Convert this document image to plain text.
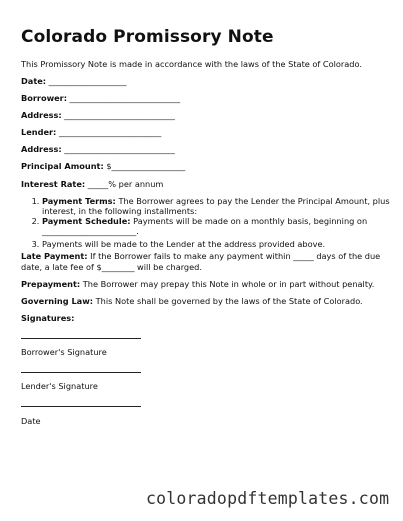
Colorado Promissory Note
This Promissory Note is made in accordance with the laws of the State of Colorado.
Date: ___________________
Borrower: ___________________________
Address: ___________________________
Lender: _________________________
Address: ___________________________
Principal Amount: $__________________
Interest Rate: _____% per annum
1. Payment Terms: The Borrower agrees to pay the Lender the Principal Amount, plus interest, in the following installments:
2. Payment Schedule: Payments will be made on a monthly basis, beginning on _______________________.
3. Payments will be made to the Lender at the address provided above.
Late Payment: If the Borrower fails to make any payment within _____ days of the due date, a late fee of $________ will be charged.
Prepayment: The Borrower may prepay this Note in whole or in part without penalty.
Governing Law: This Note shall be governed by the laws of the State of Colorado.
Signatures:
Borrower's Signature
Lender's Signature
Date
coloradopdftemplates.com
